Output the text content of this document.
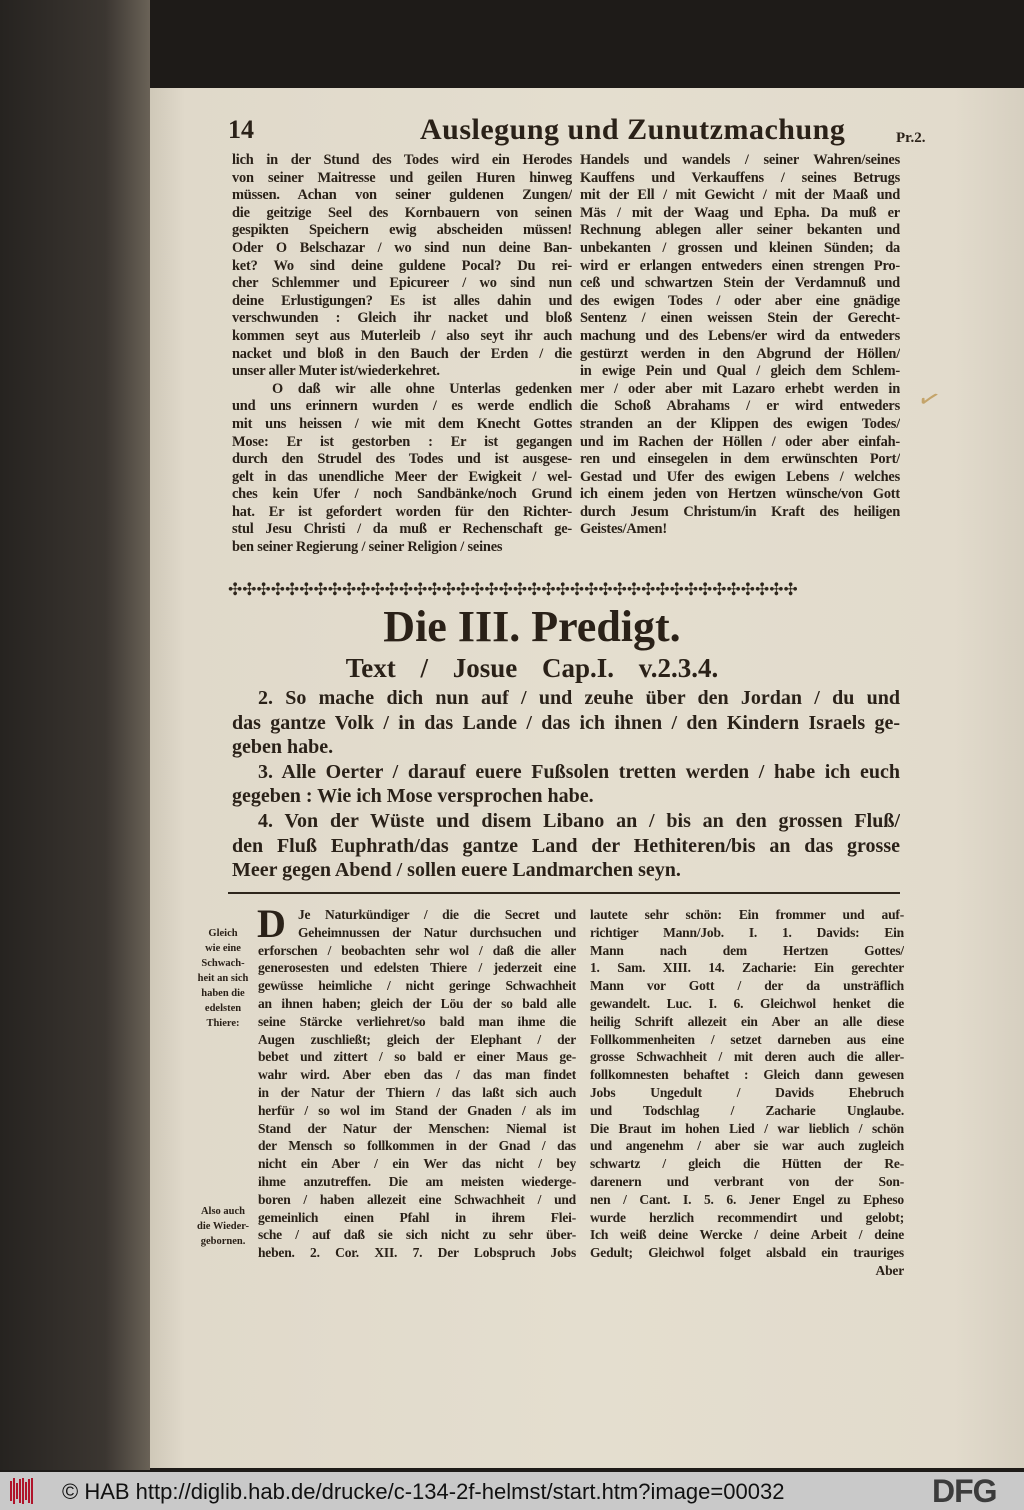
14	Auslegung und Zunutzmachung	Pr.2.
lich in der Stund des Todes wird ein Herodes
von seiner Maitresse und geilen Huren hinweg
müssen. Achan von seiner guldenen Zungen/
die geitzige Seel des Kornbauern von seinen
gespikten Speichern ewig abscheiden müssen!
Oder O Belschazar / wo sind nun deine Ban-
ket? Wo sind deine guldene Pocal? Du rei-
cher Schlemmer und Epicureer / wo sind nun
deine Erlustigungen? Es ist alles dahin und
verschwunden : Gleich ihr nacket und bloß
kommen seyt aus Muterleib / also seyt ihr auch
nacket und bloß in den Bauch der Erden / die
unser aller Muter ist/wiederkehret.
O daß wir alle ohne Unterlas gedenken
und uns erinnern wurden / es werde endlich
mit uns heissen / wie mit dem Knecht Gottes
Mose: Er ist gestorben : Er ist gegangen
durch den Strudel des Todes und ist ausgese-
gelt in das unendliche Meer der Ewigkeit / wel-
ches kein Ufer / noch Sandbänke/noch Grund
hat. Er ist gefordert worden für den Richter-
stul Jesu Christi / da muß er Rechenschaft ge-
ben seiner Regierung / seiner Religion / seines
Handels und wandels / seiner Wahren/seines
Kauffens und Verkauffens / seines Betrugs
mit der Ell / mit Gewicht / mit der Maaß und
Mäs / mit der Waag und Epha. Da muß er
Rechnung ablegen aller seiner bekanten und
unbekanten / grossen und kleinen Sünden; da
wird er erlangen entweders einen strengen Pro-
ceß und schwartzen Stein der Verdamnuß und
des ewigen Todes / oder aber eine gnädige
Sentenz / einen weissen Stein der Gerecht-
machung und des Lebens/er wird da entweders
gestürzt werden in den Abgrund der Höllen/
in ewige Pein und Qual / gleich dem Schlem-
mer / oder aber mit Lazaro erhebt werden in
die Schoß Abrahams / er wird entweders
stranden an der Klippen des ewigen Todes/
und im Rachen der Höllen / oder aber einfah-
ren und einsegelen in dem erwünschten Port/
Gestad und Ufer des ewigen Lebens / welches
ich einem jeden von Hertzen wünsche/von Gott
durch Jesum Christum/in Kraft des heiligen
Geistes/Amen!
✓
✣✣✣✣✣✣✣✣✣✣✣✣✣✣✣✣✣✣✣✣✣✣✣✣✣✣✣✣✣✣✣✣✣✣✣✣✣✣✣✣
Die III. Predigt.
Text / Josue Cap.I. v.2.3.4.
2. So mache dich nun auf / und zeuhe über den Jordan / du und
das gantze Volk / in das Lande / das ich ihnen / den Kindern Israels ge-
geben habe.
3. Alle Oerter / darauf euere Fußsolen tretten werden / habe ich euch
gegeben : Wie ich Mose versprochen habe.
4. Von der Wüste und disem Libano an / bis an den grossen Fluß/
den Fluß Euphrath/das gantze Land der Hethiteren/bis an das grosse
Meer gegen Abend / sollen euere Landmarchen seyn.
D Je Naturkündiger / die die Secret und
Geheimnussen der Natur durchsuchen und
erforschen / beobachten sehr wol / daß die aller
generosesten und edelsten Thiere / jederzeit eine
gewüsse heimliche / nicht geringe Schwachheit
an ihnen haben; gleich der Löu der so bald alle
seine Stärcke verliehret/so bald man ihme die
Augen zuschließt; gleich der Elephant / der
bebet und zittert / so bald er einer Maus ge-
wahr wird. Aber eben das / das man findet
in der Natur der Thiern / das laßt sich auch
herfür / so wol im Stand der Gnaden / als im
Stand der Natur der Menschen: Niemal ist
der Mensch so follkommen in der Gnad / das
nicht ein Aber / ein Wer das nicht / bey
ihme anzutreffen. Die am meisten wiederge-
boren / haben allezeit eine Schwachheit / und
gemeinlich einen Pfahl in ihrem Flei-
sche / auf daß sie sich nicht zu sehr über-
heben. 2. Cor. XII. 7. Der Lobspruch Jobs
lautete sehr schön: Ein frommer und auf-
richtiger Mann/Job. I. 1. Davids: Ein
Mann nach dem Hertzen Gottes/
1. Sam. XIII. 14. Zacharie: Ein gerechter
Mann vor Gott / der da unsträflich
gewandelt. Luc. I. 6. Gleichwol henket die
heilig Schrift allezeit ein Aber an alle diese
Follkommenheiten / setzet darneben aus eine
grosse Schwachheit / mit deren auch die aller-
follkomnesten behaftet : Gleich dann gewesen
Jobs Ungedult / Davids Ehebruch
und Todschlag / Zacharie Unglaube.
Die Braut im hohen Lied / war lieblich / schön
und angenehm / aber sie war auch zugleich
schwartz / gleich die Hütten der Re-
darenern und verbrant von der Son-
nen / Cant. I. 5. 6. Jener Engel zu Epheso
wurde herzlich recommendirt und gelobt;
Ich weiß deine Wercke / deine Arbeit / deine
Gedult; Gleichwol folget alsbald ein trauriges
Aber
Gleich
wie eine
Schwach-
heit an sich
haben die
edelsten
Thiere:
Also auch
die Wieder-
gebornen.
© HAB http://diglib.hab.de/drucke/c-134-2f-helmst/start.htm?image=00032	DFG
